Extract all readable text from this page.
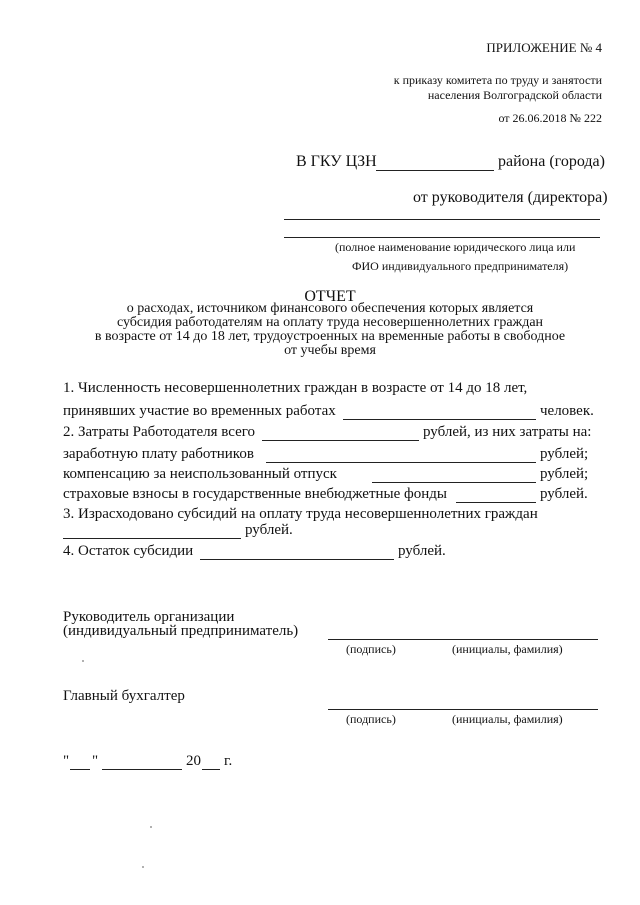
ПРИЛОЖЕНИЕ № 4
к приказу комитета по труду и занятости
населения Волгоградской области
от 26.06.2018 № 222
В ГКУ ЦЗН	района (города)
от руководителя (директора)
(полное наименование юридического лица или
ФИО индивидуального предпринимателя)
ОТЧЕТ
о расходах, источником финансового обеспечения которых является
субсидия работодателям на оплату труда несовершеннолетних граждан
в возрасте от 14 до 18 лет, трудоустроенных на временные работы в свободное
от учебы время
1. Численность несовершеннолетних граждан в возрасте от 14 до 18 лет,
принявших участие во временных работах	человек.
2. Затраты Работодателя всего	рублей, из них затраты на:
заработную плату работников	рублей;
компенсацию за неиспользованный отпуск	рублей;
страховые взносы в государственные внебюджетные фонды	рублей.
3. Израсходовано субсидий на оплату труда несовершеннолетних граждан
рублей.
4. Остаток субсидии	рублей.
Руководитель организации
(индивидуальный предприниматель)
(подпись)	(инициалы, фамилия)
Главный бухгалтер
(подпись)	(инициалы, фамилия)
" "	20 г.
